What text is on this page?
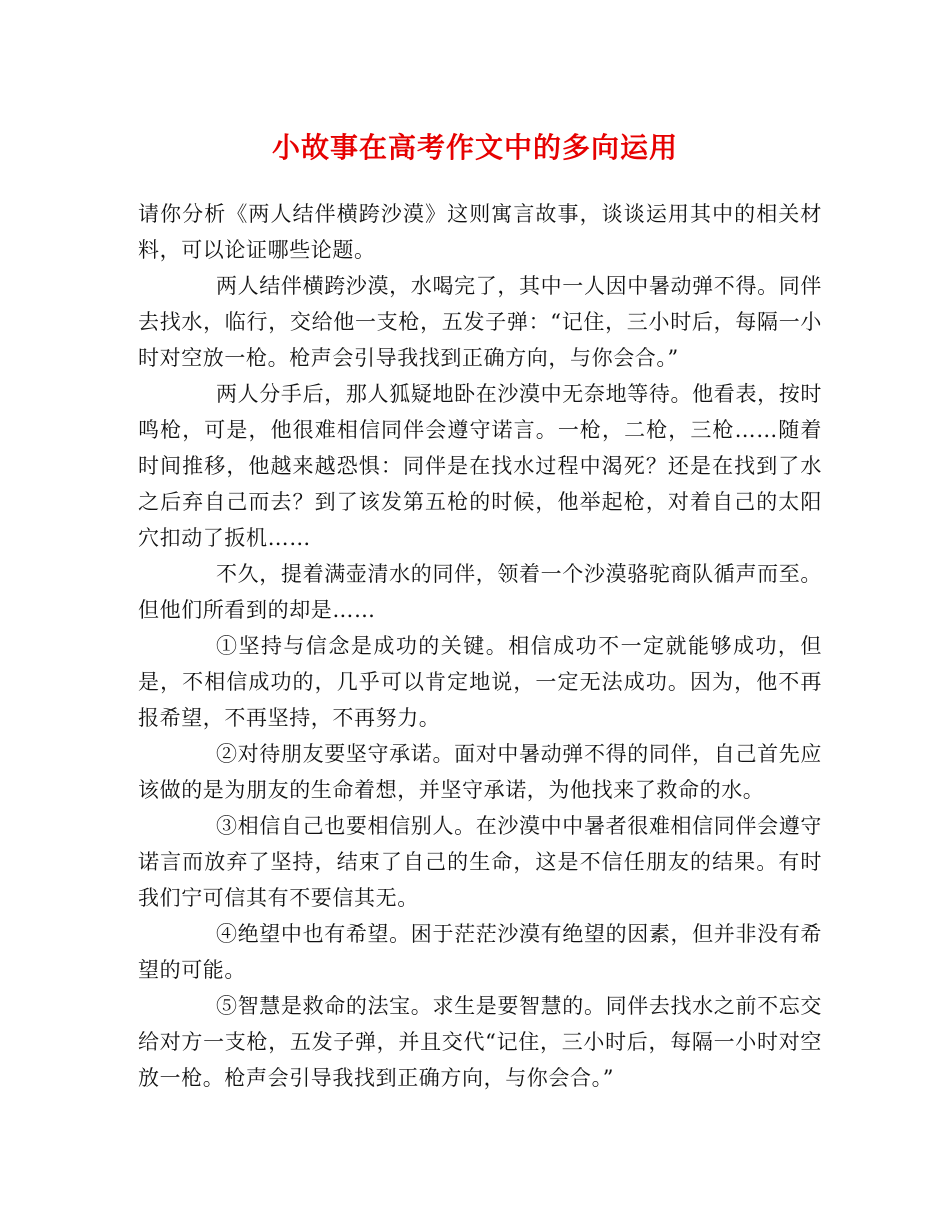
小故事在高考作文中的多向运用

请你分析《两人结伴横跨沙漠》这则寓言故事，谈谈运用其中的相关材料，可以论证哪些论题。

两人结伴横跨沙漠，水喝完了，其中一人因中暑动弹不得。同伴去找水，临行，交给他一支枪，五发子弹：“记住，三小时后，每隔一小时对空放一枪。枪声会引导我找到正确方向，与你会合。”

两人分手后，那人狐疑地卧在沙漠中无奈地等待。他看表，按时鸣枪，可是，他很难相信同伴会遵守诺言。一枪，二枪，三枪……随着时间推移，他越来越恐惧：同伴是在找水过程中渴死？还是在找到了水之后弃自己而去？到了该发第五枪的时候，他举起枪，对着自己的太阳穴扣动了扳机……

不久，提着满壶清水的同伴，领着一个沙漠骆驼商队循声而至。但他们所看到的却是……

①坚持与信念是成功的关键。相信成功不一定就能够成功，但是，不相信成功的，几乎可以肯定地说，一定无法成功。因为，他不再报希望，不再坚持，不再努力。

②对待朋友要坚守承诺。面对中暑动弹不得的同伴，自己首先应该做的是为朋友的生命着想，并坚守承诺，为他找来了救命的水。

③相信自己也要相信别人。在沙漠中中暑者很难相信同伴会遵守诺言而放弃了坚持，结束了自己的生命，这是不信任朋友的结果。有时我们宁可信其有不要信其无。

④绝望中也有希望。困于茫茫沙漠有绝望的因素，但并非没有希望的可能。

⑤智慧是救命的法宝。求生是要智慧的。同伴去找水之前不忘交给对方一支枪，五发子弹，并且交代“记住，三小时后，每隔一小时对空放一枪。枪声会引导我找到正确方向，与你会合。”
